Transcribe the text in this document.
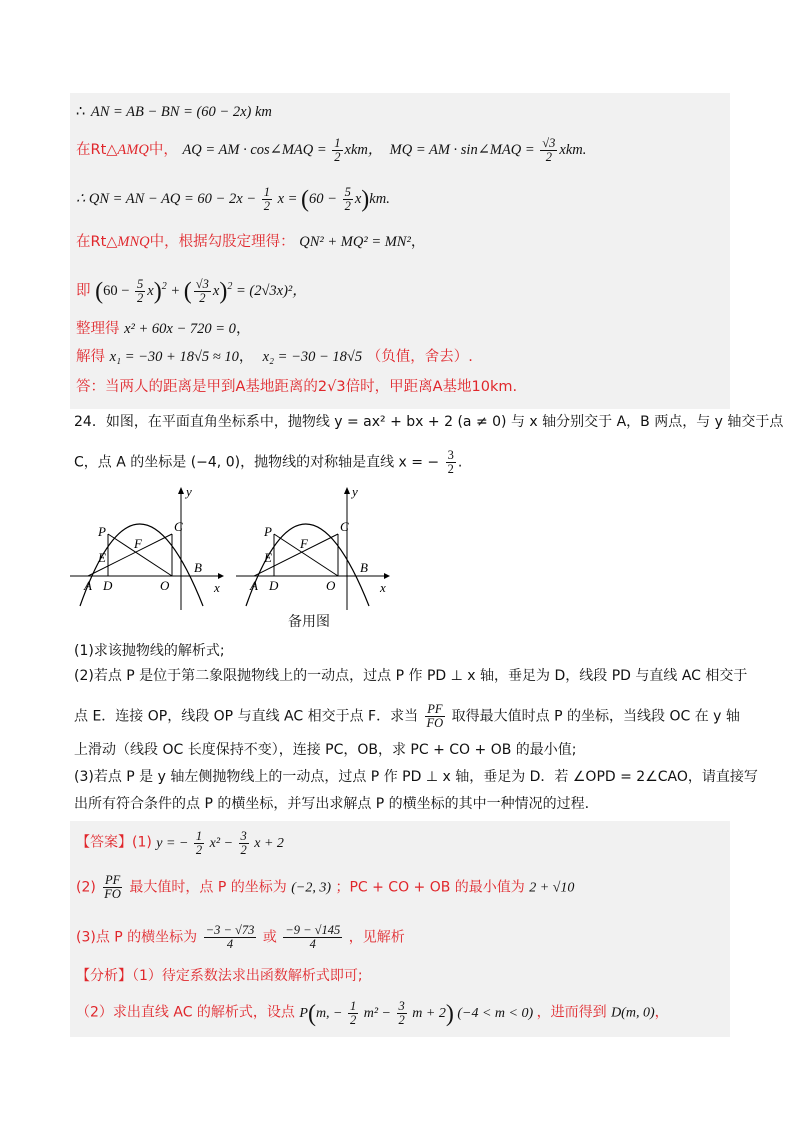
∴ AN = AB − BN = (60 − 2x) km
在Rt△AMQ中， AQ = AM · cos∠MAQ = $\frac{1}{2}$ xkm，  MQ = AM · sin∠MAQ = $\frac{√3}{2}$ xkm.
∴ QN = AN − AQ = $60 - 2x - \frac{1}{2}$ $x = (60 - \frac{5}{2} x)km$.
在Rt△MNQ中，根据勾股定理得： QN² + MQ² = MN²，
即 $(60 - \frac{5}{2} x)^2$ + ( $\frac{√3}{2} x)^2 = (2√3x)^2$，
整理得 x² + 60x − 720 = 0，
解得 x₁ = −30 + 18√5 ≈ 10，  x₂ = −30 − 18√5 （负值，舍去）.
答：当两人的距离是甲到A基地距离的2√3倍时，甲距离A基地10km.
24．如图，在平面直角坐标系中，抛物线 y = ax² + bx + 2 (a ≠ 0) 与 x 轴分别交于 A，B 两点，与 y 轴交于点
C，点 A 的坐标是 (−4, 0)，抛物线的对称轴是直线 x = − $\frac{3}{2}$ .
y
P	C
F
E
A D	O
B
x
y
P	C
F
E
A D	O
B
x
备用图
(1)求该抛物线的解析式;
(2)若点 P 是位于第二象限抛物线上的一动点，过点 P 作 PD ⊥ x 轴，垂足为 D，线段 PD 与直线 AC 相交于
点 E．连接 OP，线段 OP 与直线 AC 相交于点 F．求当 $\frac{PF}{FO}$ 取得最大值时点 P 的坐标，当线段 OC 在 y 轴
上滑动（线段 OC 长度保持不变），连接 PC，OB，求 PC + CO + OB 的最小值;
(3)若点 P 是 y 轴左侧抛物线上的一动点，过点 P 作 PD ⊥ x 轴，垂足为 D．若 ∠OPD = 2∠CAO，请直接写
出所有符合条件的点 P 的横坐标，并写出求解点 P 的横坐标的其中一种情况的过程.
【答案】(1) y = − $\frac{1}{2} x^2 - \frac{3}{2}$ x + 2
$(2) \frac{PF}{FO}$ 最大值时，点 P 的坐标为 (−2, 3) ；PC + CO + OB 的最小值为 2 + √10
(3)点 P 的横坐标为 $\frac{-3 - √73}{4}$ 或 $\frac{-9 - √145}{4}$ ，见解析
【分析】（1）待定系数法求出函数解析式即可;
（2）求出直线 AC 的解析式，设点 P(m, − $\frac{1}{2} m^2 - \frac{3}{2}$ m + 2) (−4 < m < 0) ，进而得到 D(m, 0)，
